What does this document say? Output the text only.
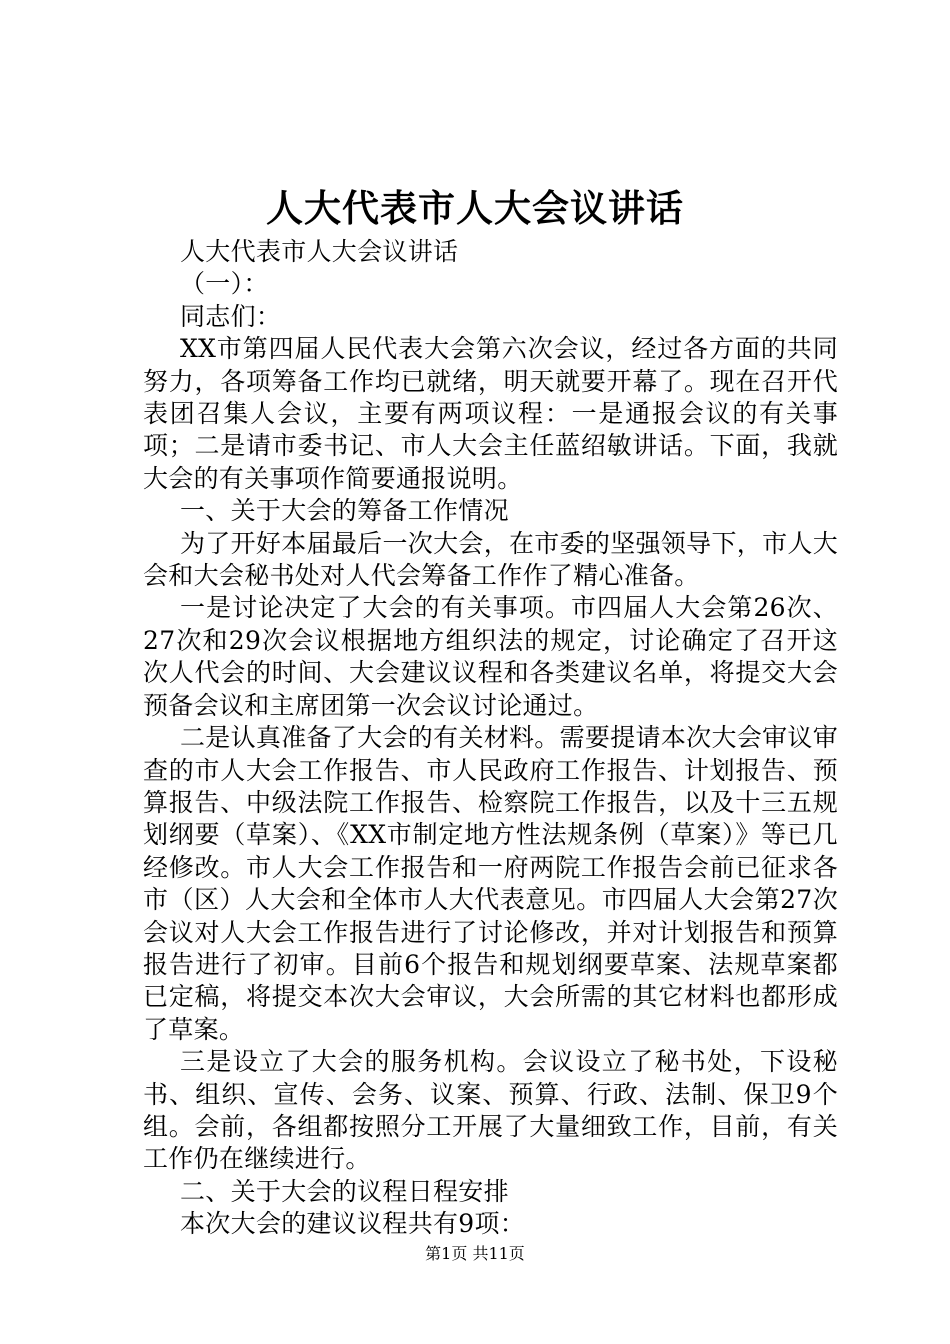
人大代表市人大会议讲话

人大代表市人大会议讲话

（一）：

同志们：

XX市第四届人民代表大会第六次会议，经过各方面的共同努力，各项筹备工作均已就绪，明天就要开幕了。现在召开代表团召集人会议，主要有两项议程：一是通报会议的有关事项；二是请市委书记、市人大会主任蓝绍敏讲话。下面，我就大会的有关事项作简要通报说明。

一、关于大会的筹备工作情况

为了开好本届最后一次大会，在市委的坚强领导下，市人大会和大会秘书处对人代会筹备工作作了精心准备。

一是讨论决定了大会的有关事项。市四届人大会第26次、27次和29次会议根据地方组织法的规定，讨论确定了召开这次人代会的时间、大会建议议程和各类建议名单，将提交大会预备会议和主席团第一次会议讨论通过。

二是认真准备了大会的有关材料。需要提请本次大会审议审查的市人大会工作报告、市人民政府工作报告、计划报告、预算报告、中级法院工作报告、检察院工作报告，以及十三五规划纲要（草案）、《XX市制定地方性法规条例（草案）》等已几经修改。市人大会工作报告和一府两院工作报告会前已征求各市（区）人大会和全体市人大代表意见。市四届人大会第27次会议对人大会工作报告进行了讨论修改，并对计划报告和预算报告进行了初审。目前6个报告和规划纲要草案、法规草案都已定稿，将提交本次大会审议，大会所需的其它材料也都形成了草案。

三是设立了大会的服务机构。会议设立了秘书处，下设秘书、组织、宣传、会务、议案、预算、行政、法制、保卫9个组。会前，各组都按照分工开展了大量细致工作，目前，有关工作仍在继续进行。

二、关于大会的议程日程安排

本次大会的建议议程共有9项：

第1页 共11页
